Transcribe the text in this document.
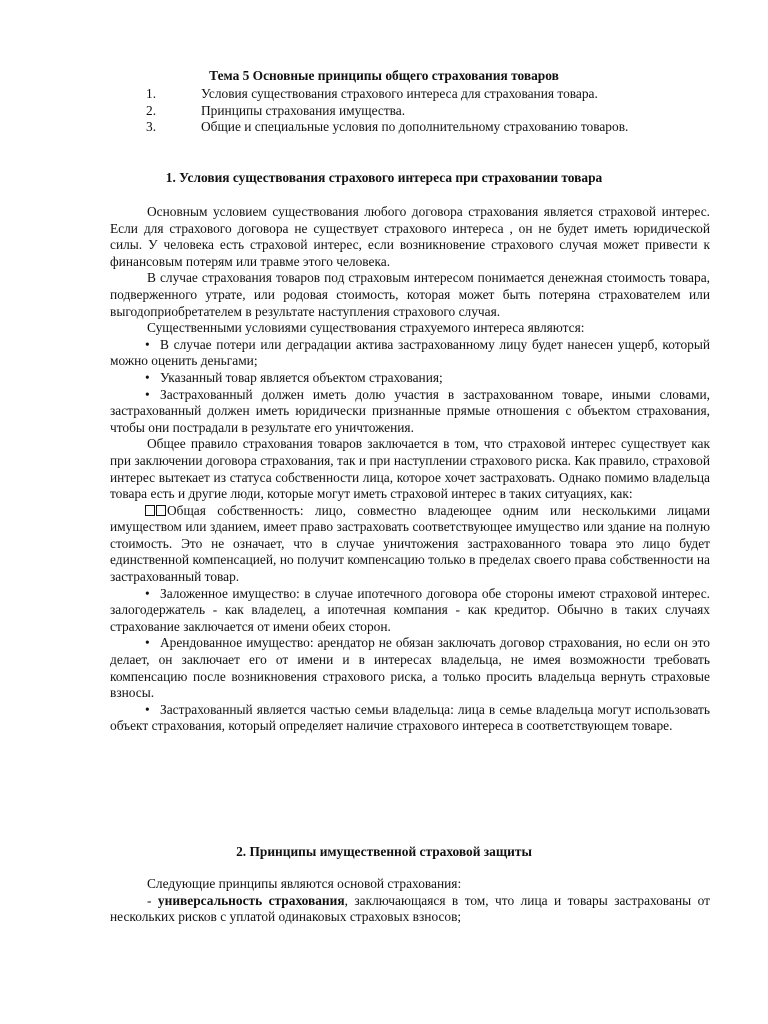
Тема 5 Основные принципы общего страхования товаров
1.	Условия существования страхового интереса для страхования товара.
2.	Принципы страхования имущества.
3.	Общие и специальные условия по дополнительному страхованию товаров.
1. Условия существования страхового интереса при страховании товара

Основным условием существования любого договора страхования является страховой интерес. Если для страхового договора не существует страхового интереса , он не будет иметь юридической силы. У человека есть страховой интерес, если возникновение страхового случая может привести к финансовым потерям или травме этого человека.

В случае страхования товаров под страховым интересом понимается денежная стоимость товара, подверженного утрате, или родовая стоимость, которая может быть потеряна страхователем или выгодоприобретателем в результате наступления страхового случая.

Существенными условиями существования страхуемого интереса являются:

• В случае потери или деградации актива застрахованному лицу будет нанесен ущерб, который можно оценить деньгами;

• Указанный товар является объектом страхования;

• Застрахованный должен иметь долю участия в застрахованном товаре, иными словами, застрахованный должен иметь юридически признанные прямые отношения с объектом страхования, чтобы они пострадали в результате его уничтожения.

Общее правило страхования товаров заключается в том, что страховой интерес существует как при заключении договора страхования, так и при наступлении страхового риска. Как правило, страховой интерес вытекает из статуса собственности лица, которое хочет застраховать. Однако помимо владельца товара есть и другие люди, которые могут иметь страховой интерес в таких ситуациях, как:

Общая собственность: лицо, совместно владеющее одним или несколькими лицами имуществом или зданием, имеет право застраховать соответствующее имущество или здание на полную стоимость. Это не означает, что в случае уничтожения застрахованного товара это лицо будет единственной компенсацией, но получит компенсацию только в пределах своего права собственности на застрахованный товар.

• Заложенное имущество: в случае ипотечного договора обе стороны имеют страховой интерес. залогодержатель - как владелец, а ипотечная компания - как кредитор. Обычно в таких случаях страхование заключается от имени обеих сторон.

• Арендованное имущество: арендатор не обязан заключать договор страхования, но если он это делает, он заключает его от имени и в интересах владельца, не имея возможности требовать компенсацию после возникновения страхового риска, а только просить владельца вернуть страховые взносы.

• Застрахованный является частью семьи владельца: лица в семье владельца могут использовать объект страхования, который определяет наличие страхового интереса в соответствующем товаре.

2. Принципы имущественной страховой защиты

Следующие принципы являются основой страхования:

- универсальность страхования, заключающаяся в том, что лица и товары застрахованы от нескольких рисков с уплатой одинаковых страховых взносов;
